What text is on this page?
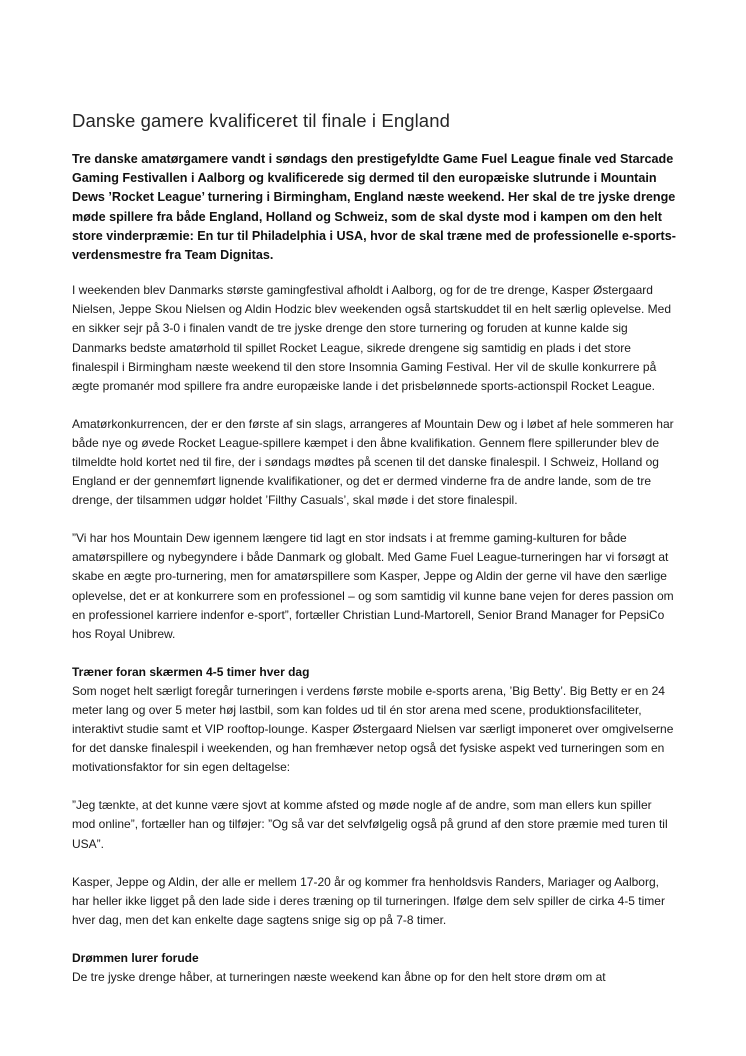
Danske gamere kvalificeret til finale i England

Tre danske amatørgamere vandt i søndags den prestigefyldte Game Fuel League finale ved Starcade Gaming Festivallen i Aalborg og kvalificerede sig dermed til den europæiske slutrunde i Mountain Dews ’Rocket League’ turnering i Birmingham, England næste weekend. Her skal de tre jyske drenge møde spillere fra både England, Holland og Schweiz, som de skal dyste mod i kampen om den helt store vinderpræmie: En tur til Philadelphia i USA, hvor de skal træne med de professionelle e-sports-verdensmestre fra Team Dignitas.

I weekenden blev Danmarks største gamingfestival afholdt i Aalborg, og for de tre drenge, Kasper Østergaard Nielsen, Jeppe Skou Nielsen og Aldin Hodzic blev weekenden også startskuddet til en helt særlig oplevelse. Med en sikker sejr på 3-0 i finalen vandt de tre jyske drenge den store turnering og foruden at kunne kalde sig Danmarks bedste amatørhold til spillet Rocket League, sikrede drengene sig samtidig en plads i det store finalespil i Birmingham næste weekend til den store Insomnia Gaming Festival. Her vil de skulle konkurrere på ægte promanér mod spillere fra andre europæiske lande i det prisbelønnede sports-actionspil Rocket League.

Amatørkonkurrencen, der er den første af sin slags, arrangeres af Mountain Dew og i løbet af hele sommeren har både nye og øvede Rocket League-spillere kæmpet i den åbne kvalifikation. Gennem flere spillerunder blev de tilmeldte hold kortet ned til fire, der i søndags mødtes på scenen til det danske finalespil. I Schweiz, Holland og England er der gennemført lignende kvalifikationer, og det er dermed vinderne fra de andre lande, som de tre drenge, der tilsammen udgør holdet ’Filthy Casuals’, skal møde i det store finalespil.

”Vi har hos Mountain Dew igennem længere tid lagt en stor indsats i at fremme gaming-kulturen for både amatørspillere og nybegyndere i både Danmark og globalt. Med Game Fuel League-turneringen har vi forsøgt at skabe en ægte pro-turnering, men for amatørspillere som Kasper, Jeppe og Aldin der gerne vil have den særlige oplevelse, det er at konkurrere som en professionel – og som samtidig vil kunne bane vejen for deres passion om en professionel karriere indenfor e-sport”, fortæller Christian Lund-Martorell, Senior Brand Manager for PepsiCo hos Royal Unibrew.

Træner foran skærmen 4-5 timer hver dag

Som noget helt særligt foregår turneringen i verdens første mobile e-sports arena, ’Big Betty’. Big Betty er en 24 meter lang og over 5 meter høj lastbil, som kan foldes ud til én stor arena med scene, produktionsfaciliteter, interaktivt studie samt et VIP rooftop-lounge. Kasper Østergaard Nielsen var særligt imponeret over omgivelserne for det danske finalespil i weekenden, og han fremhæver netop også det fysiske aspekt ved turneringen som en motivationsfaktor for sin egen deltagelse:

”Jeg tænkte, at det kunne være sjovt at komme afsted og møde nogle af de andre, som man ellers kun spiller mod online”, fortæller han og tilføjer: ”Og så var det selvfølgelig også på grund af den store præmie med turen til USA”.

Kasper, Jeppe og Aldin, der alle er mellem 17-20 år og kommer fra henholdsvis Randers, Mariager og Aalborg, har heller ikke ligget på den lade side i deres træning op til turneringen. Ifølge dem selv spiller de cirka 4-5 timer hver dag, men det kan enkelte dage sagtens snige sig op på 7-8 timer.

Drømmen lurer forude

De tre jyske drenge håber, at turneringen næste weekend kan åbne op for den helt store drøm om at
